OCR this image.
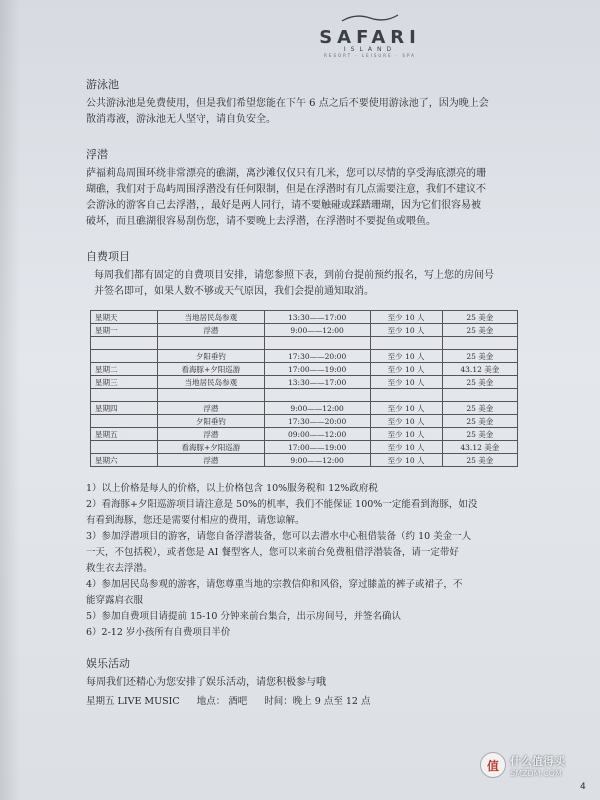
SAFARI
ISLAND
RESORT · LEISURE · SPA

游泳池

公共游泳池是免费使用，但是我们希望您能在下午 6 点之后不要使用游泳池了，因为晚上会

散消毒液，游泳池无人坚守，请自负安全。

浮潜

萨福莉岛周围环绕非常漂亮的礁湖，离沙滩仅仅只有几米，您可以尽情的享受海底漂亮的珊

瑚礁，我们对于岛屿周围浮潜没有任何限制，但是在浮潜时有几点需要注意，我们不建议不

会游泳的游客自己去浮潜，，最好是两人同行，请不要触碰或踩踏珊瑚，因为它们很容易被

破坏，而且礁湖很容易刮伤您，请不要晚上去浮潜，在浮潜时不要捉鱼或喂鱼。

自费项目

每周我们都有固定的自费项目安排，请您参照下表，到前台提前预约报名，写上您的房间号

并签名即可，如果人数不够或天气原因，我们会提前通知取消。

星期天	当地居民岛参观	13:30——17:00	至少 10 人	25 美金
星期一	浮潜	9:00——12:00	至少 10 人	25 美金

	夕阳垂钓	17:30——20:00	至少 10 人	25 美金
星期二	看海豚+夕阳巡游	17:00——19:00	至少 10 人	43.12 美金
星期三	当地居民岛参观	13:30——17:00	至少 10 人	25 美金

星期四	浮潜	9:00——12:00	至少 10 人	25 美金
	夕阳垂钓	17:30——20:00	至少 10 人	25 美金
星期五	浮潜	09:00——12:00	至少 10 人	25 美金
	看海豚+夕阳巡游	17:00——19:00	至少 10 人	43.12 美金
星期六	浮潜	9:00——12:00	至少 10 人	25 美金

1）以上价格是每人的价格，以上价格包含 10%服务税和 12%政府税

2）看海豚+夕阳巡游项目请注意是 50%的机率，我们不能保证 100%一定能看到海豚，如没

有看到海豚，您还是需要付相应的费用，请您谅解。

3）参加浮潜项目的游客，请您自备浮潜装备，您可以去潜水中心租借装备（约 10 美金一人

一天，不包括税），或者您是 AI 餐型客人，您可以来前台免费租借浮潜装备，请一定带好

救生衣去浮潜。

4）参加居民岛参观的游客，请您尊重当地的宗教信仰和风俗，穿过膝盖的裤子或裙子，不

能穿露肩衣服

5）参加自费项目请提前 15-10 分钟来前台集合，出示房间号，并签名确认

6）2-12 岁小孩所有自费项目半价

娱乐活动

每周我们还精心为您安排了娱乐活动，请您积极参与哦

星期五 LIVE MUSIC 地点： 酒吧 时间：晚上 9 点至 12 点
值	什么值得买
SMZDM.COM
4
